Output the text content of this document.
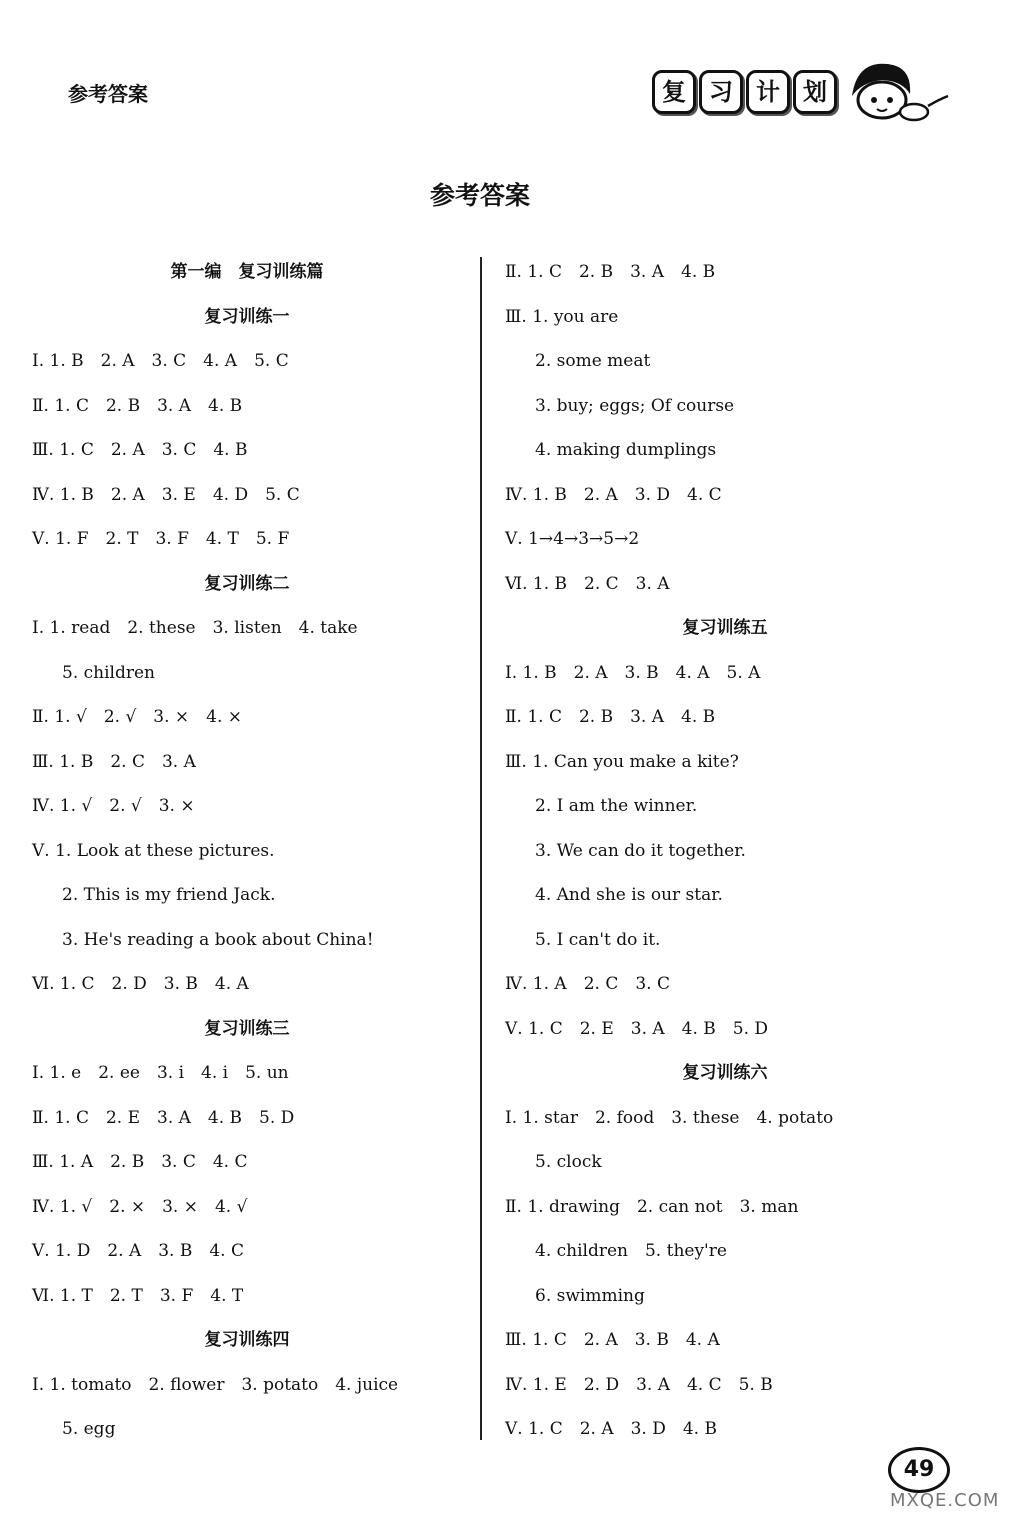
参考答案	复 习 计 划
参考答案
第一编　复习训练篇
复习训练一
Ⅰ. 1. B　2. A　3. C　4. A　5. C
Ⅱ. 1. C　2. B　3. A　4. B
Ⅲ. 1. C　2. A　3. C　4. B
Ⅳ. 1. B　2. A　3. E　4. D　5. C
Ⅴ. 1. F　2. T　3. F　4. T　5. F
复习训练二
Ⅰ. 1. read　2. these　3. listen　4. take
5. children
Ⅱ. 1. √　2. √　3. ×　4. ×
Ⅲ. 1. B　2. C　3. A
Ⅳ. 1. √　2. √　3. ×
Ⅴ. 1. Look at these pictures.
2. This is my friend Jack.
3. He's reading a book about China!
Ⅵ. 1. C　2. D　3. B　4. A
复习训练三
Ⅰ. 1. e　2. ee　3. i　4. i　5. un
Ⅱ. 1. C　2. E　3. A　4. B　5. D
Ⅲ. 1. A　2. B　3. C　4. C
Ⅳ. 1. √　2. ×　3. ×　4. √
Ⅴ. 1. D　2. A　3. B　4. C
Ⅵ. 1. T　2. T　3. F　4. T
复习训练四
Ⅰ. 1. tomato　2. flower　3. potato　4. juice
5. egg
Ⅱ. 1. C　2. B　3. A　4. B
Ⅲ. 1. you are
2. some meat
3. buy; eggs; Of course
4. making dumplings
Ⅳ. 1. B　2. A　3. D　4. C
Ⅴ. 1→4→3→5→2
Ⅵ. 1. B　2. C　3. A
复习训练五
Ⅰ. 1. B　2. A　3. B　4. A　5. A
Ⅱ. 1. C　2. B　3. A　4. B
Ⅲ. 1. Can you make a kite?
2. I am the winner.
3. We can do it together.
4. And she is our star.
5. I can't do it.
Ⅳ. 1. A　2. C　3. C
Ⅴ. 1. C　2. E　3. A　4. B　5. D
复习训练六
Ⅰ. 1. star　2. food　3. these　4. potato
5. clock
Ⅱ. 1. drawing　2. can not　3. man
4. children　5. they're
6. swimming
Ⅲ. 1. C　2. A　3. B　4. A
Ⅳ. 1. E　2. D　3. A　4. C　5. B
Ⅴ. 1. C　2. A　3. D　4. B
49
MXQE.COM
